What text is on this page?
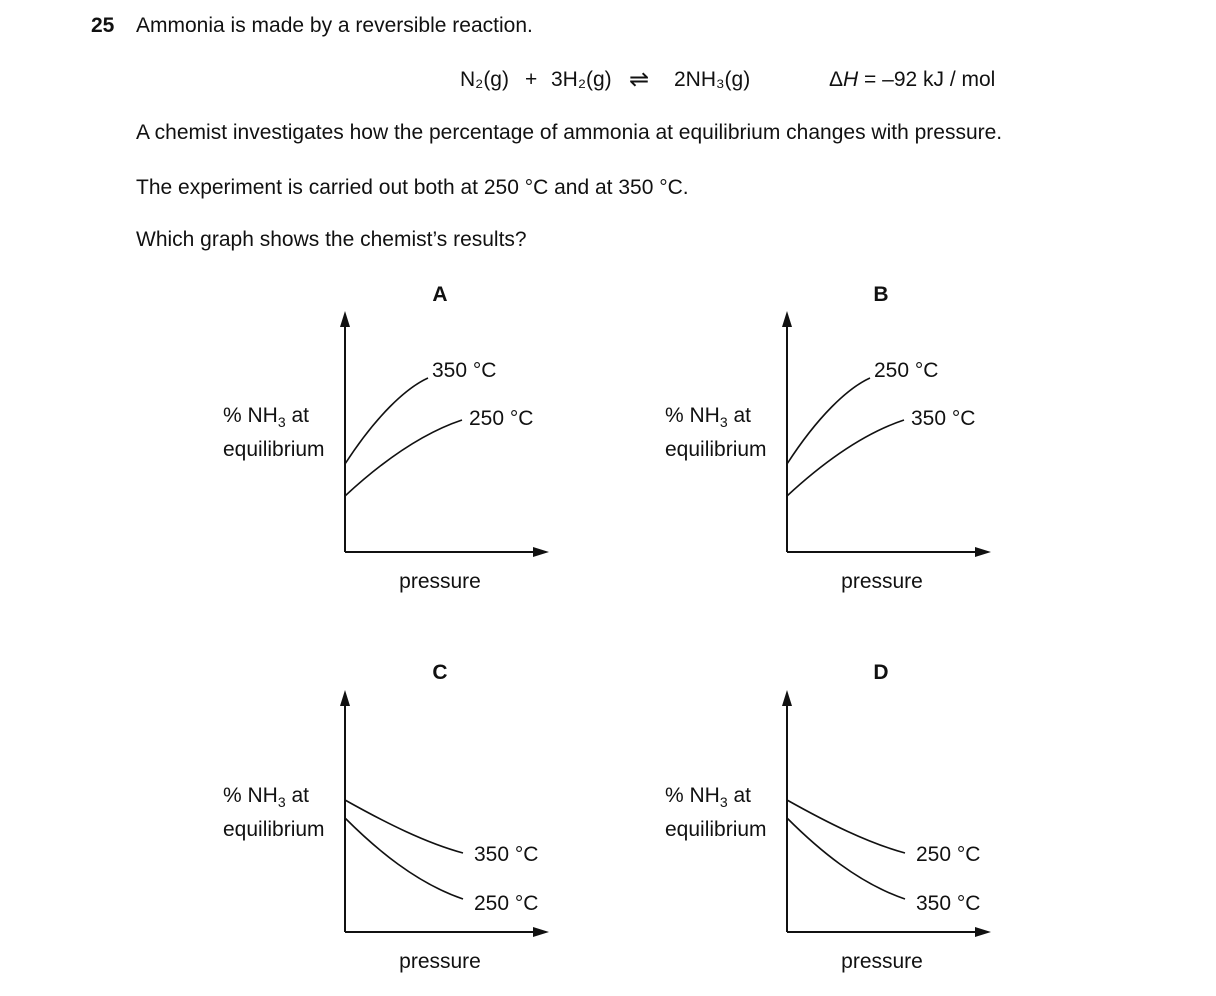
25 Ammonia is made by a reversible reaction.
N₂(g) + 3H₂(g) ⇌ 2NH₃(g)	ΔH = –92 kJ / mol
A chemist investigates how the percentage of ammonia at equilibrium changes with pressure.
The experiment is carried out both at 250 °C and at 350 °C.
Which graph shows the chemist’s results?
A
% $NH_3$ at
equilibrium
350 °C
250 °C
pressure
B
% $NH_3$ at
equilibrium
250 °C
350 °C
pressure
C
% $NH_3$ at
equilibrium
350 °C
250 °C
pressure
D
% $NH_3$ at
equilibrium
250 °C
350 °C
pressure
